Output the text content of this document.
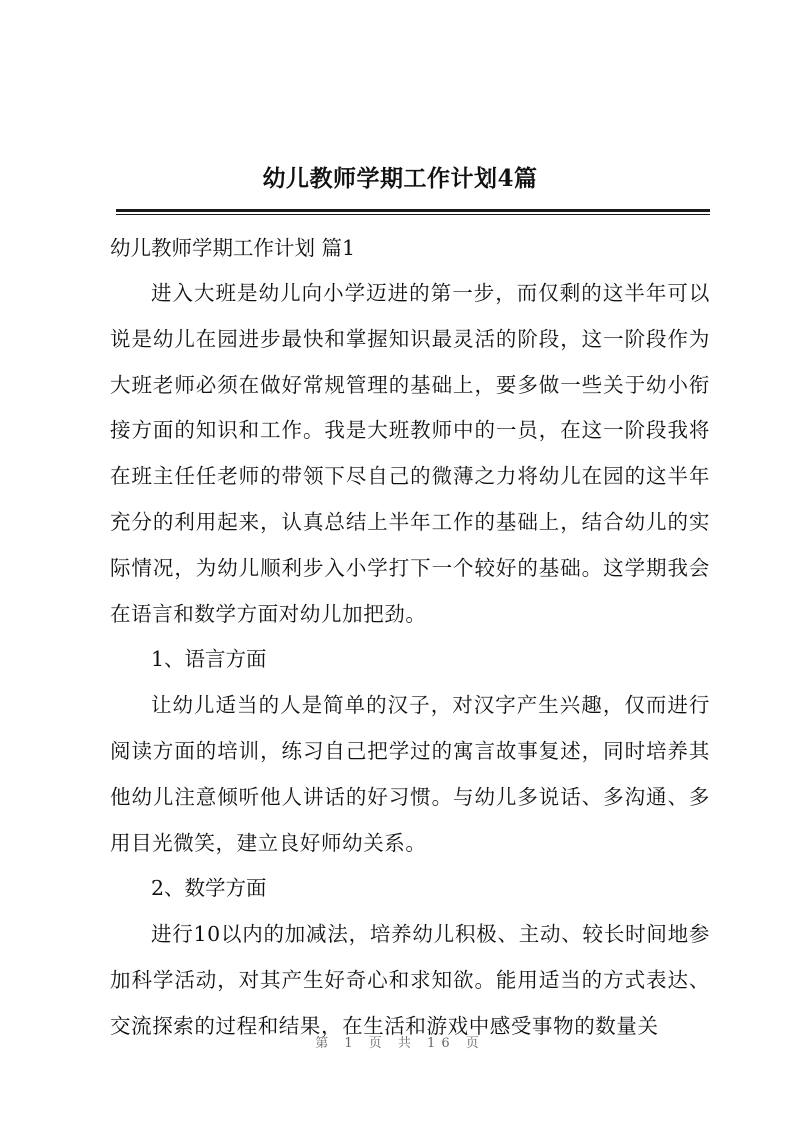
幼儿教师学期工作计划4篇
幼儿教师学期工作计划 篇1

进入大班是幼儿向小学迈进的第一步，而仅剩的这半年可以说是幼儿在园进步最快和掌握知识最灵活的阶段，这一阶段作为大班老师必须在做好常规管理的基础上，要多做一些关于幼小衔接方面的知识和工作。我是大班教师中的一员，在这一阶段我将在班主任任老师的带领下尽自己的微薄之力将幼儿在园的这半年充分的利用起来，认真总结上半年工作的基础上，结合幼儿的实际情况，为幼儿顺利步入小学打下一个较好的基础。这学期我会在语言和数学方面对幼儿加把劲。

1、语言方面

让幼儿适当的人是简单的汉子，对汉字产生兴趣，仅而进行阅读方面的培训，练习自己把学过的寓言故事复述，同时培养其他幼儿注意倾听他人讲话的好习惯。与幼儿多说话、多沟通、多用目光微笑，建立良好师幼关系。

2、数学方面

进行10以内的加减法，培养幼儿积极、主动、较长时间地参加科学活动，对其产生好奇心和求知欲。能用适当的方式表达、交流探索的过程和结果，在生活和游戏中感受事物的数量关

第 1 页 共 16 页
